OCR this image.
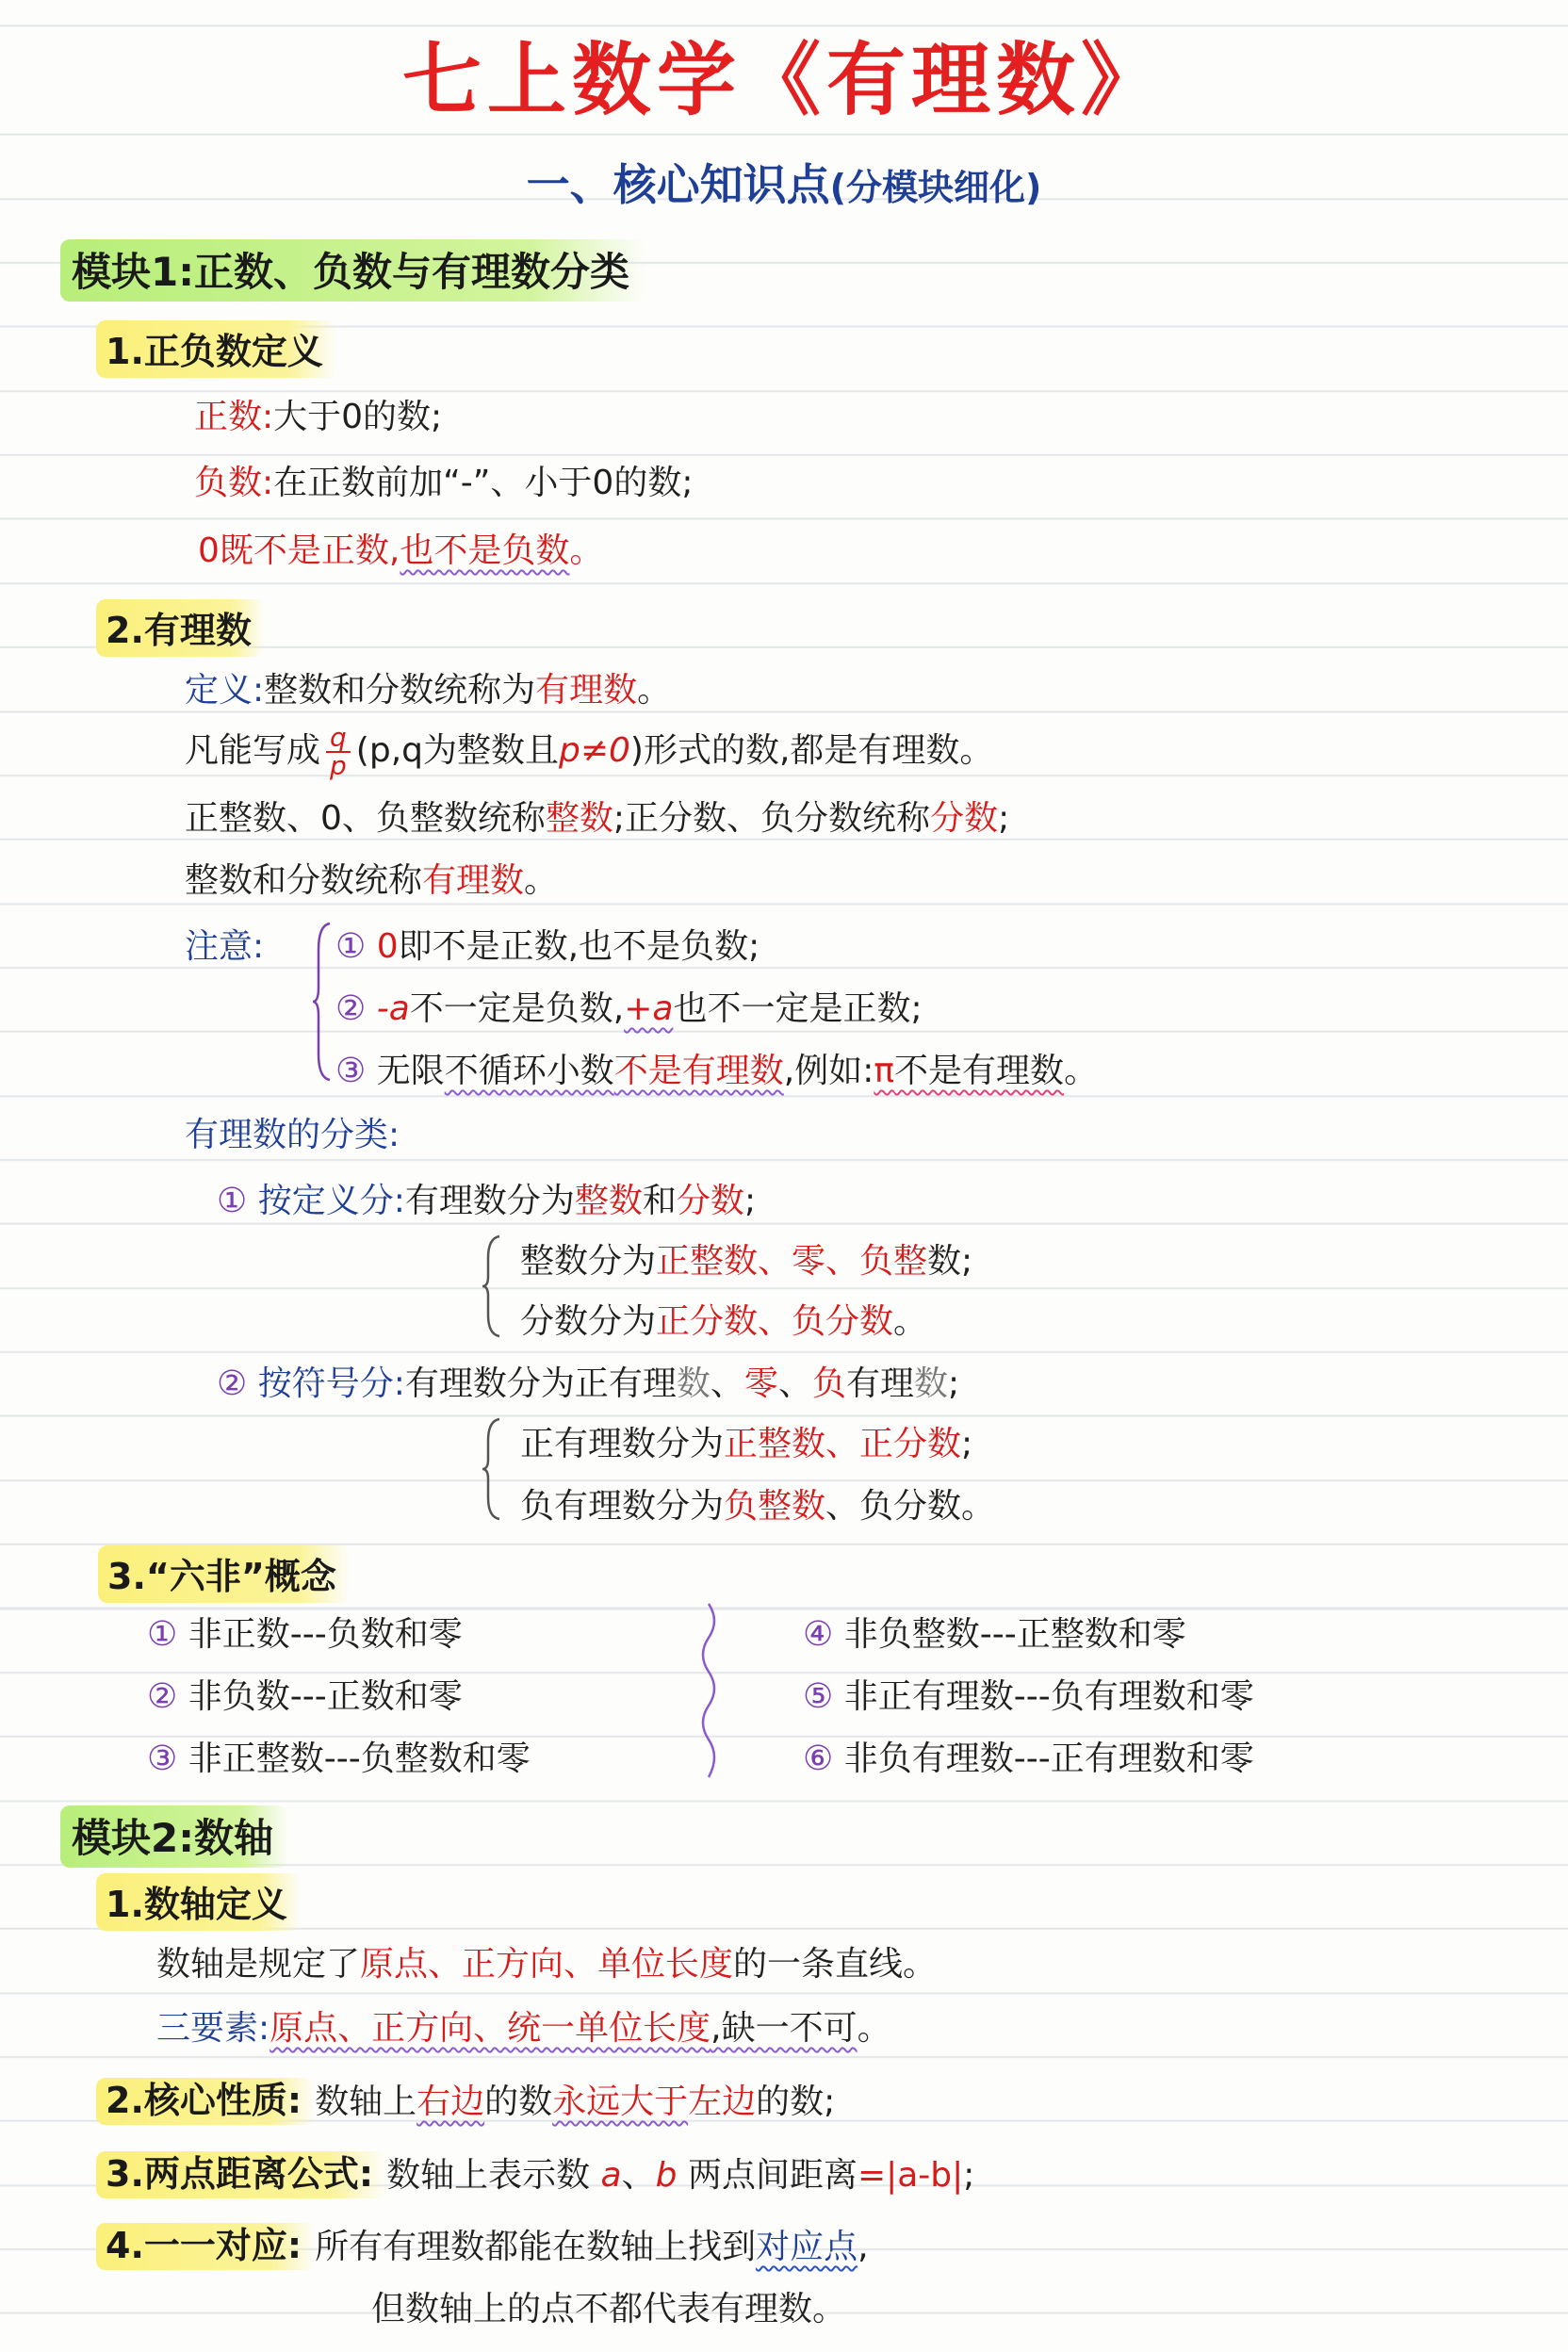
七上数学《有理数》
一、核心知识点(分模块细化)
模块1:正数、负数与有理数分类
1.正负数定义
正数:大于0的数;
负数:在正数前加“-”、小于0的数;
0既不是正数,也不是负数。
2.有理数
定义:整数和分数统称为有理数。
凡能写成 $\frac{q}{p} (p,q$为整数且p≠0)形式的数,都是有理数。
正整数、0、负整数统称整数;正分数、负分数统称分数;
整数和分数统称有理数。
注意: ① 0即不是正数,也不是负数;
② -a不一定是负数,+a也不一定是正数;
③ 无限不循环小数不是有理数,例如:π不是有理数。
有理数的分类:
① 按定义分:有理数分为整数和分数;
整数分为正整数、零、负整数;
分数分为正分数、负分数。
② 按符号分:有理数分为正有理数、零、负有理数;
正有理数分为正整数、正分数;
负有理数分为负整数、负分数。
3.“六非”概念
① 非正数---负数和零
② 非负数---正数和零
③ 非正整数---负整数和零
④ 非负整数---正整数和零
⑤ 非正有理数---负有理数和零
⑥ 非负有理数---正有理数和零
模块2:数轴
1.数轴定义
数轴是规定了原点、正方向、单位长度的一条直线。
三要素:原点、正方向、统一单位长度,缺一不可。
2.核心性质: 数轴上右边的数永远大于左边的数;
3.两点距离公式: 数轴上表示数 a、b 两点间距离=|a-b|;
4.一一对应: 所有有理数都能在数轴上找到对应点,
但数轴上的点不都代表有理数。
